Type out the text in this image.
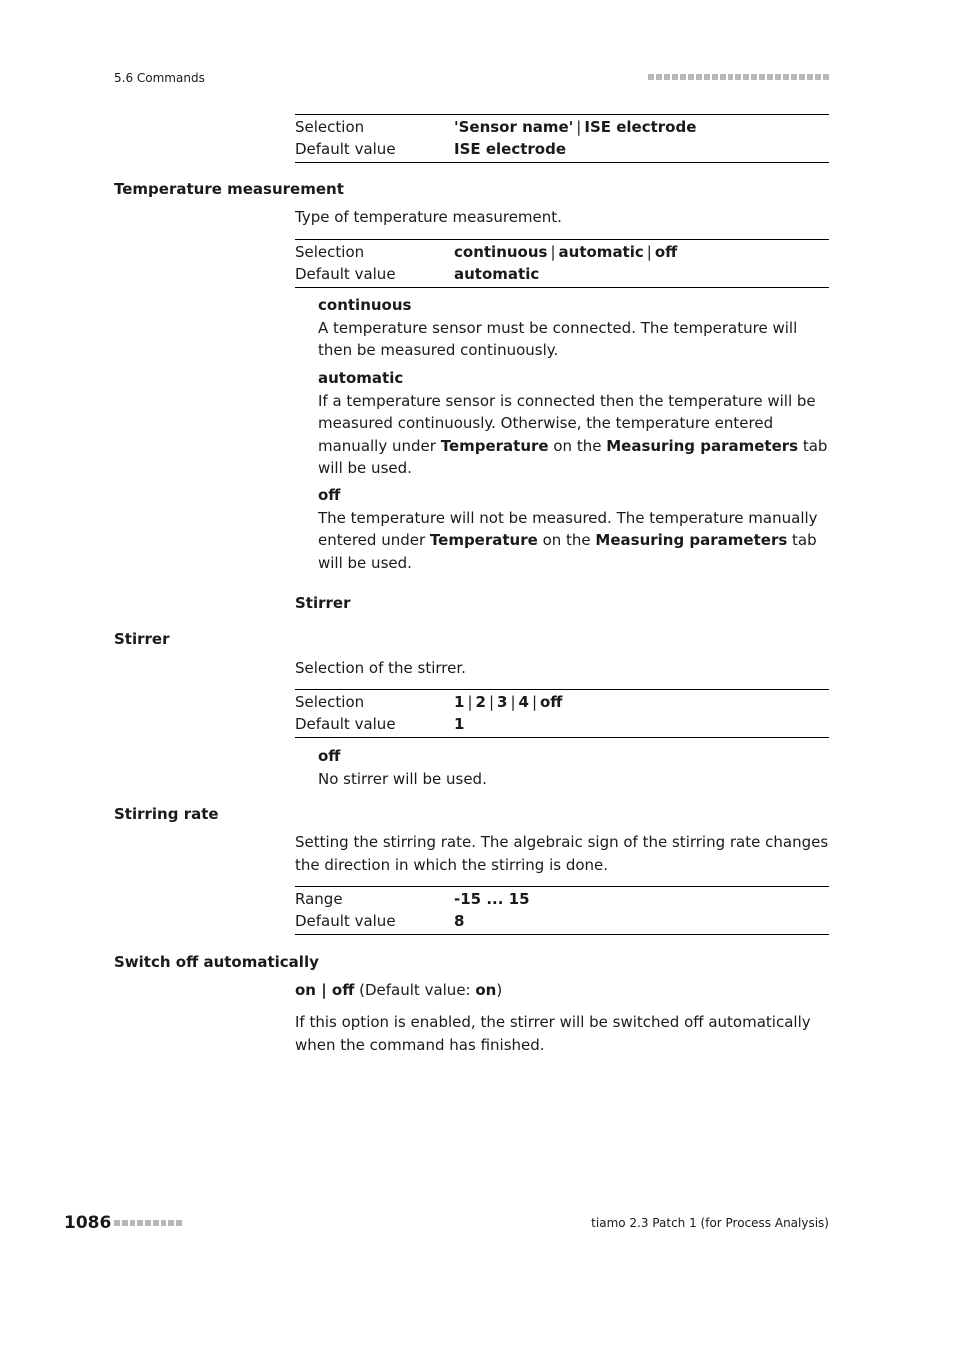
5.6 Commands
Selection	'Sensor name' | ISE electrode
Default value	ISE electrode
Temperature measurement
Type of temperature measurement.
Selection	continuous | automatic | off
Default value	automatic
continuous
A temperature sensor must be connected. The temperature will then be measured continuously.
automatic
If a temperature sensor is connected then the temperature will be measured continuously. Otherwise, the temperature entered manually under Temperature on the Measuring parameters tab will be used.
off
The temperature will not be measured. The temperature manually entered under Temperature on the Measuring parameters tab will be used.
Stirrer
Stirrer
Selection of the stirrer.
Selection	1 | 2 | 3 | 4 | off
Default value	1
off
No stirrer will be used.
Stirring rate
Setting the stirring rate. The algebraic sign of the stirring rate changes the direction in which the stirring is done.
Range	-15 ... 15
Default value	8
Switch off automatically
on | off (Default value: on)
If this option is enabled, the stirrer will be switched off automatically when the command has finished.
1086	tiamo 2.3 Patch 1 (for Process Analysis)
